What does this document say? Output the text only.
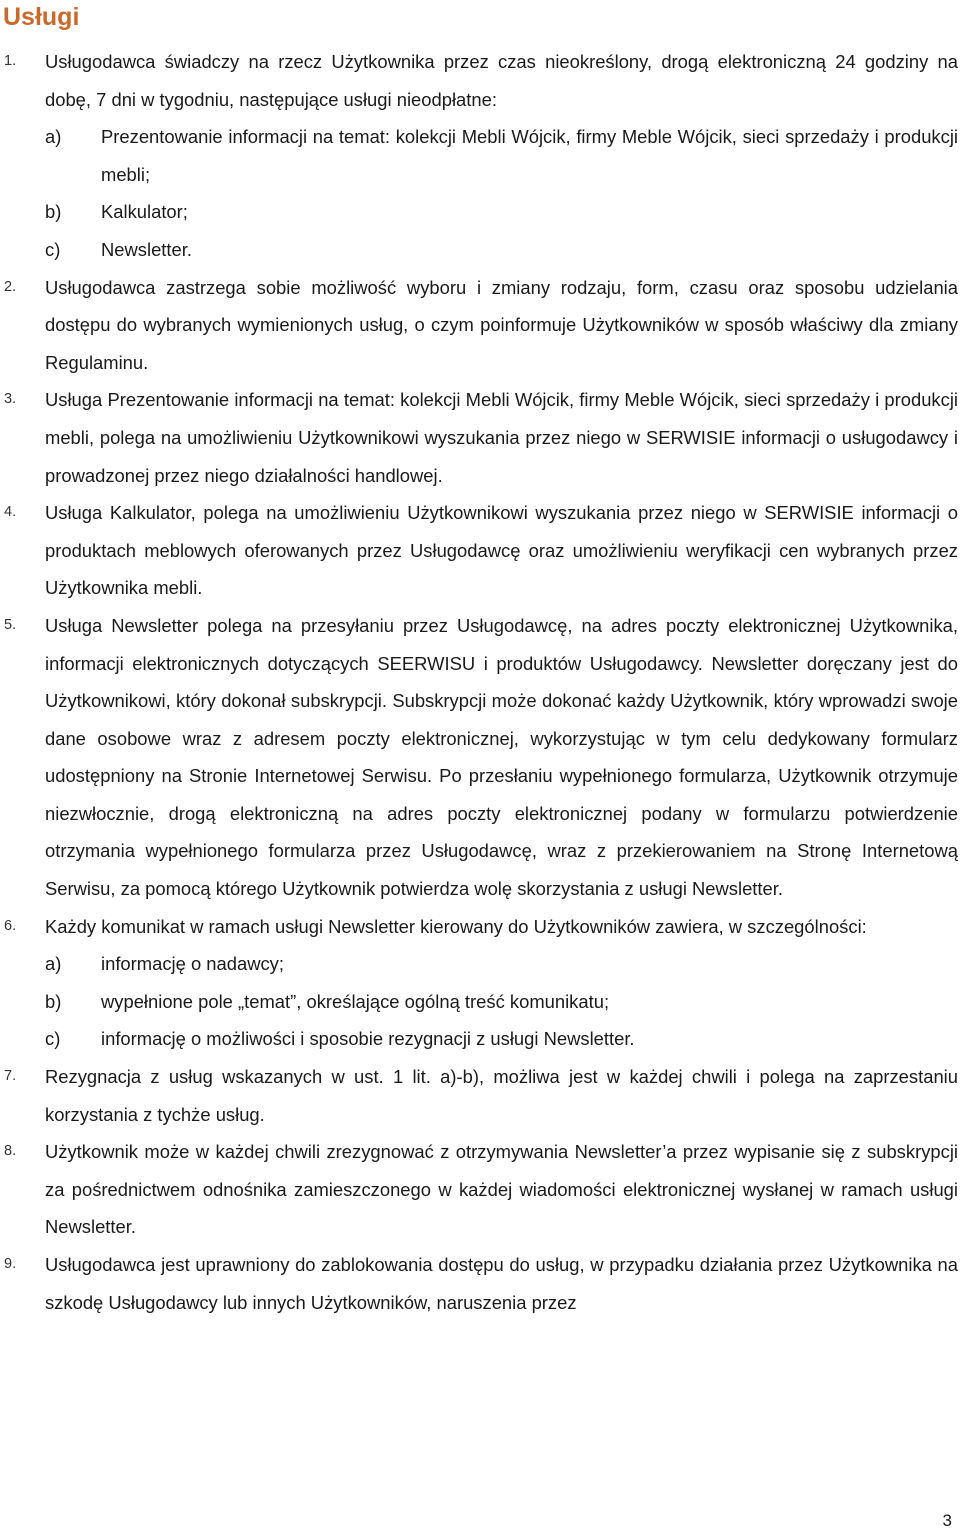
Usługi
1. Usługodawca świadczy na rzecz Użytkownika przez czas nieokreślony, drogą elektroniczną 24 godziny na dobę, 7 dni w tygodniu, następujące usługi nieodpłatne:
a) Prezentowanie informacji na temat: kolekcji Mebli Wójcik, firmy Meble Wójcik, sieci sprzedaży i produkcji mebli;
b) Kalkulator;
c) Newsletter.
2. Usługodawca zastrzega sobie możliwość wyboru i zmiany rodzaju, form, czasu oraz sposobu udzielania dostępu do wybranych wymienionych usług, o czym poinformuje Użytkowników w sposób właściwy dla zmiany Regulaminu.
3. Usługa Prezentowanie informacji na temat: kolekcji Mebli Wójcik, firmy Meble Wójcik, sieci sprzedaży i produkcji mebli, polega na umożliwieniu Użytkownikowi wyszukania przez niego w SERWISIE informacji o usługodawcy i prowadzonej przez niego działalności handlowej.
4. Usługa Kalkulator, polega na umożliwieniu Użytkownikowi wyszukania przez niego w SERWISIE informacji o produktach meblowych oferowanych przez Usługodawcę oraz umożliwieniu weryfikacji cen wybranych przez Użytkownika mebli.
5. Usługa Newsletter polega na przesyłaniu przez Usługodawcę, na adres poczty elektronicznej Użytkownika, informacji elektronicznych dotyczących SEERWISU i produktów Usługodawcy. Newsletter doręczany jest do Użytkownikowi, który dokonał subskrypcji. Subskrypcji może dokonać każdy Użytkownik, który wprowadzi swoje dane osobowe wraz z adresem poczty elektronicznej, wykorzystując w tym celu dedykowany formularz udostępniony na Stronie Internetowej Serwisu. Po przesłaniu wypełnionego formularza, Użytkownik otrzymuje niezwłocznie, drogą elektroniczną na adres poczty elektronicznej podany w formularzu potwierdzenie otrzymania wypełnionego formularza przez Usługodawcę, wraz z przekierowaniem na Stronę Internetową Serwisu, za pomocą którego Użytkownik potwierdza wolę skorzystania z usługi Newsletter.
6. Każdy komunikat w ramach usługi Newsletter kierowany do Użytkowników zawiera, w szczególności:
a) informację o nadawcy;
b) wypełnione pole „temat”, określające ogólną treść komunikatu;
c) informację o możliwości i sposobie rezygnacji z usługi Newsletter.
7. Rezygnacja z usług wskazanych w ust. 1 lit. a)-b), możliwa jest w każdej chwili i polega na zaprzestaniu korzystania z tychże usług.
8. Użytkownik może w każdej chwili zrezygnować z otrzymywania Newsletter’a przez wypisanie się z subskrypcji za pośrednictwem odnośnika zamieszczonego w każdej wiadomości elektronicznej wysłanej w ramach usługi Newsletter.
9. Usługodawca jest uprawniony do zablokowania dostępu do usług, w przypadku działania przez Użytkownika na szkodę Usługodawcy lub innych Użytkowników, naruszenia przez
3
